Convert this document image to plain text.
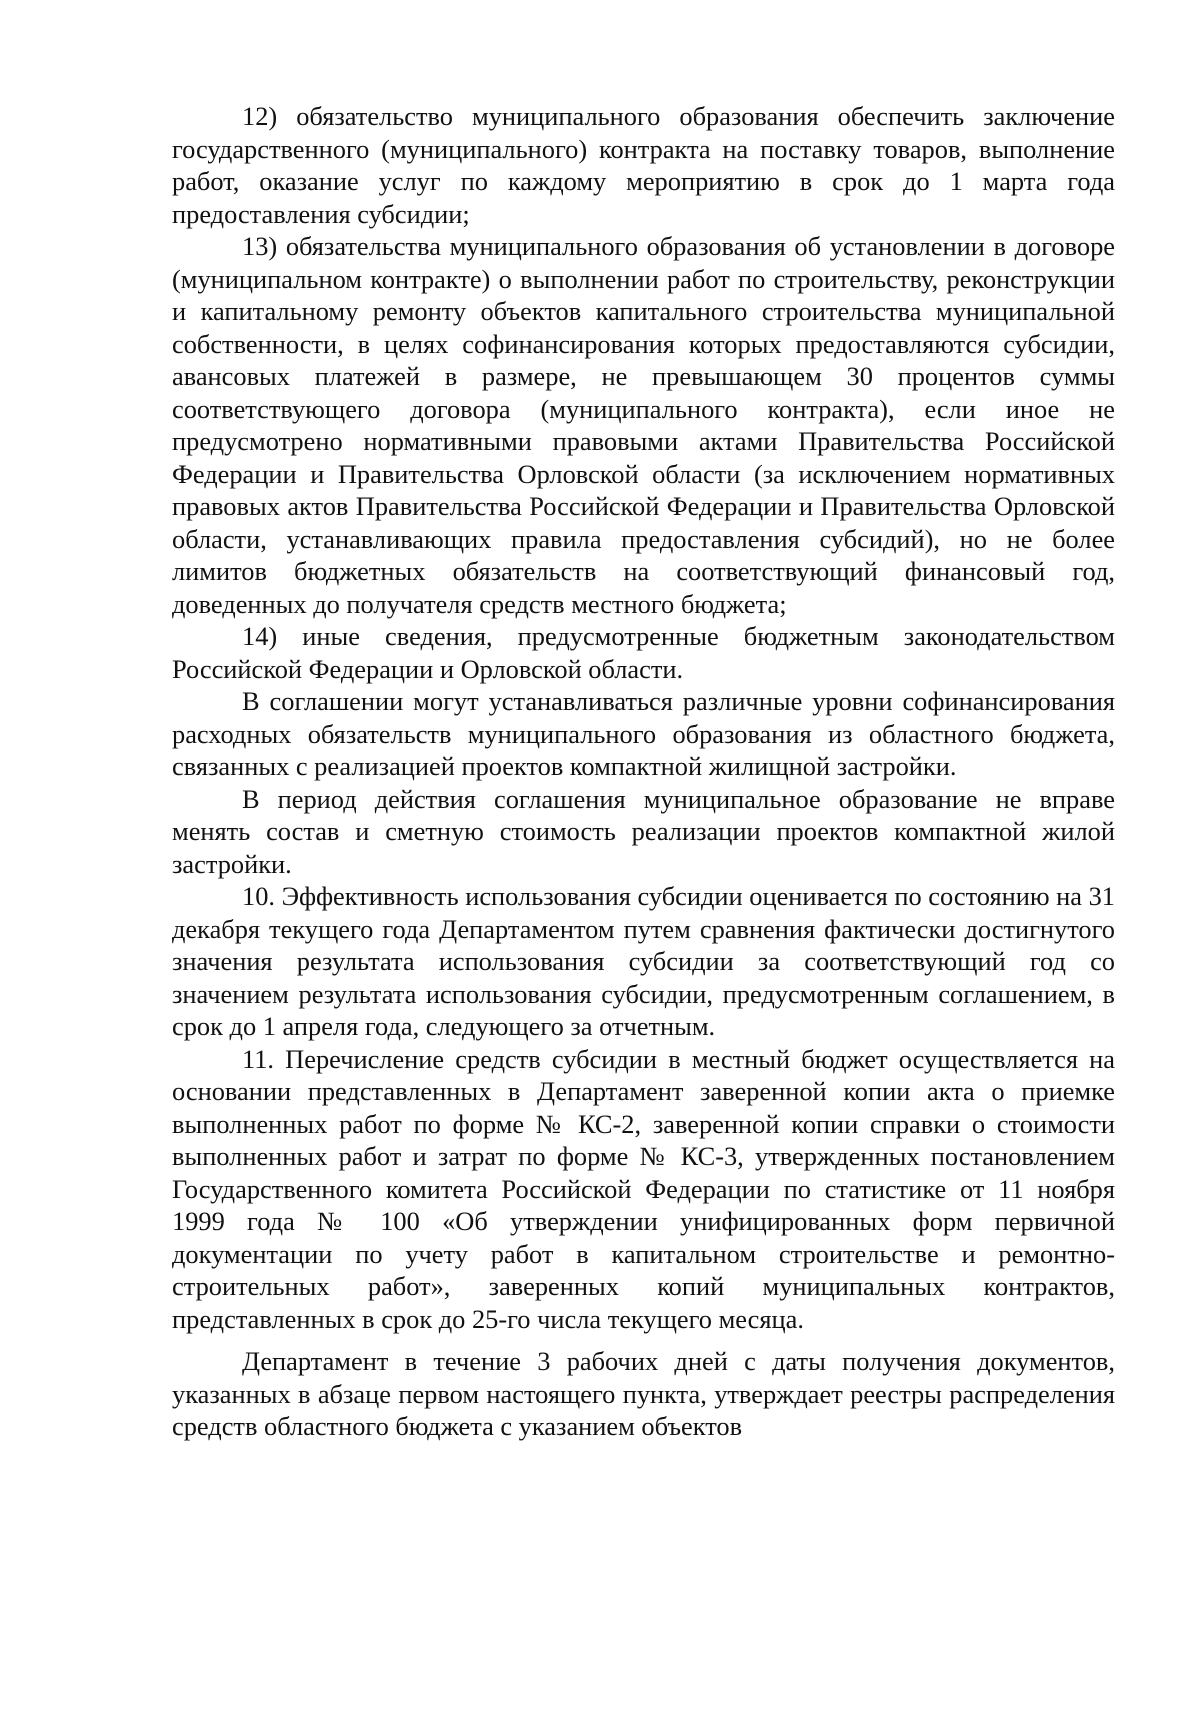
12) обязательство муниципального образования обеспечить заключение государственного (муниципального) контракта на поставку товаров, выполнение работ, оказание услуг по каждому мероприятию в срок до 1 марта года предоставления субсидии;

13) обязательства муниципального образования об установлении в договоре (муниципальном контракте) о выполнении работ по строительству, реконструкции и капитальному ремонту объектов капитального строительства муниципальной собственности, в целях софинансирования которых предоставляются субсидии, авансовых платежей в размере, не превышающем 30 процентов суммы соответствующего договора (муниципального контракта), если иное не предусмотрено нормативными правовыми актами Правительства Российской Федерации и Правительства Орловской области (за исключением нормативных правовых актов Правительства Российской Федерации и Правительства Орловской области, устанавливающих правила предоставления субсидий), но не более лимитов бюджетных обязательств на соответствующий финансовый год, доведенных до получателя средств местного бюджета;

14) иные сведения, предусмотренные бюджетным законодательством Российской Федерации и Орловской области.

В соглашении могут устанавливаться различные уровни софинансирования расходных обязательств муниципального образования из областного бюджета, связанных с реализацией проектов компактной жилищной застройки.

В период действия соглашения муниципальное образование не вправе менять состав и сметную стоимость реализации проектов компактной жилой застройки.

10. Эффективность использования субсидии оценивается по состоянию на 31 декабря текущего года Департаментом путем сравнения фактически достигнутого значения результата использования субсидии за соответствующий год со значением результата использования субсидии, предусмотренным соглашением, в срок до 1 апреля года, следующего за отчетным.

11. Перечисление средств субсидии в местный бюджет осуществляется на основании представленных в Департамент заверенной копии акта о приемке выполненных работ по форме № КС-2, заверенной копии справки о стоимости выполненных работ и затрат по форме № КС-3, утвержденных постановлением Государственного комитета Российской Федерации по статистике от 11 ноября 1999 года № 100 «Об утверждении унифицированных форм первичной документации по учету работ в капитальном строительстве и ремонтно-строительных работ», заверенных копий муниципальных контрактов, представленных в срок до 25-го числа текущего месяца.

Департамент в течение 3 рабочих дней с даты получения документов, указанных в абзаце первом настоящего пункта, утверждает реестры распределения средств областного бюджета с указанием объектов
